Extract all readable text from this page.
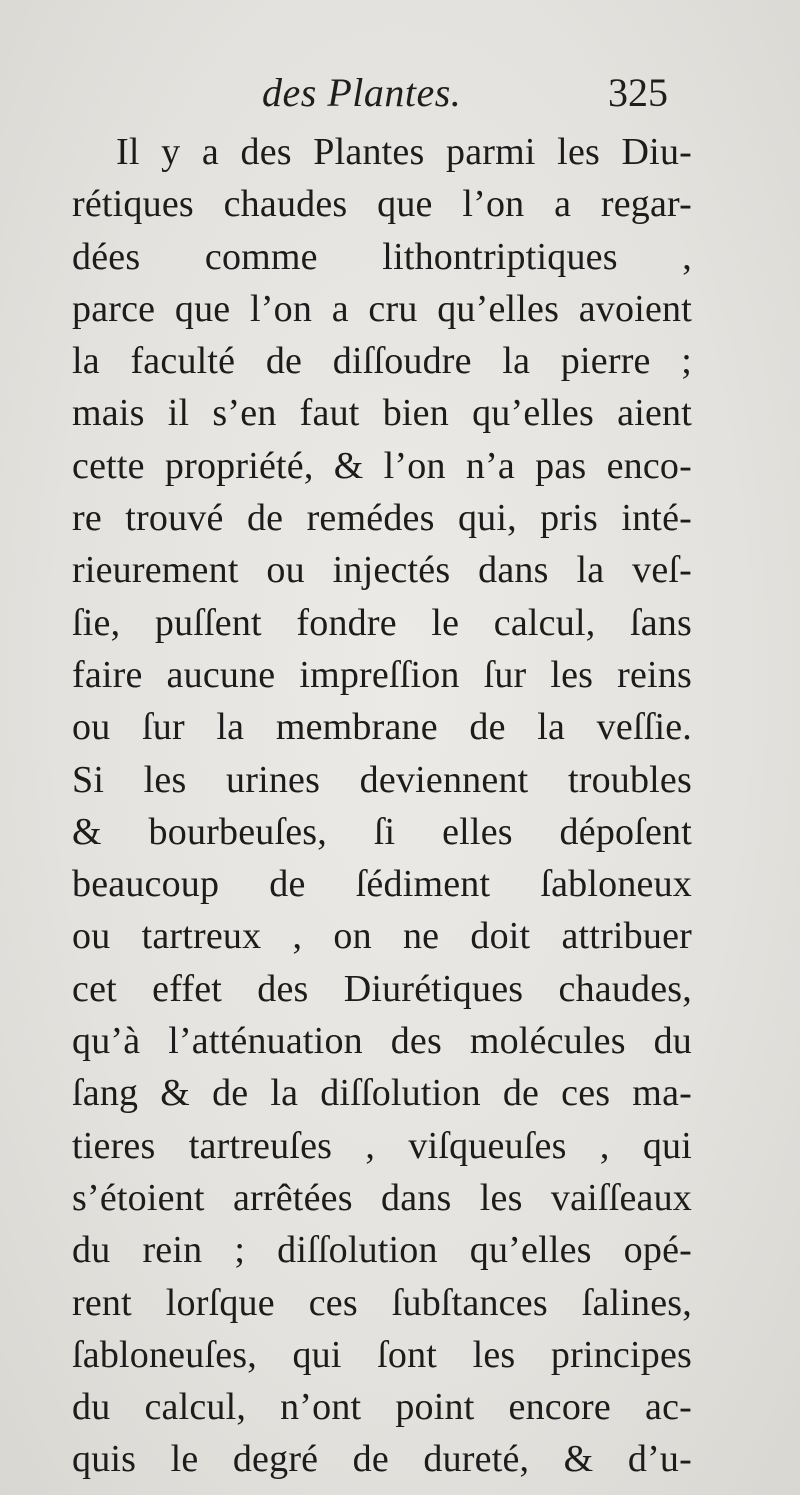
des Plantes.	325
Il y a des Plantes parmi les Diu-
rétiques chaudes que l’on a regar-
dées comme lithontriptiques ,
parce que l’on a cru qu’elles avoient
la faculté de diſſoudre la pierre ;
mais il s’en faut bien qu’elles aient
cette propriété, & l’on n’a pas enco-
re trouvé de remédes qui, pris inté-
rieurement ou injectés dans la veſ-
ſie, puſſent fondre le calcul, ſans
faire aucune impreſſion ſur les reins
ou ſur la membrane de la veſſie.
Si les urines deviennent troubles
& bourbeuſes, ſi elles dépoſent
beaucoup de ſédiment ſabloneux
ou tartreux , on ne doit attribuer
cet effet des Diurétiques chaudes,
qu’à l’atténuation des molécules du
ſang & de la diſſolution de ces ma-
tieres tartreuſes , viſqueuſes , qui
s’étoient arrêtées dans les vaiſſeaux
du rein ; diſſolution qu’elles opé-
rent lorſque ces ſubſtances ſalines,
ſabloneuſes, qui ſont les principes
du calcul, n’ont point encore ac-
quis le degré de dureté, & d’u-
